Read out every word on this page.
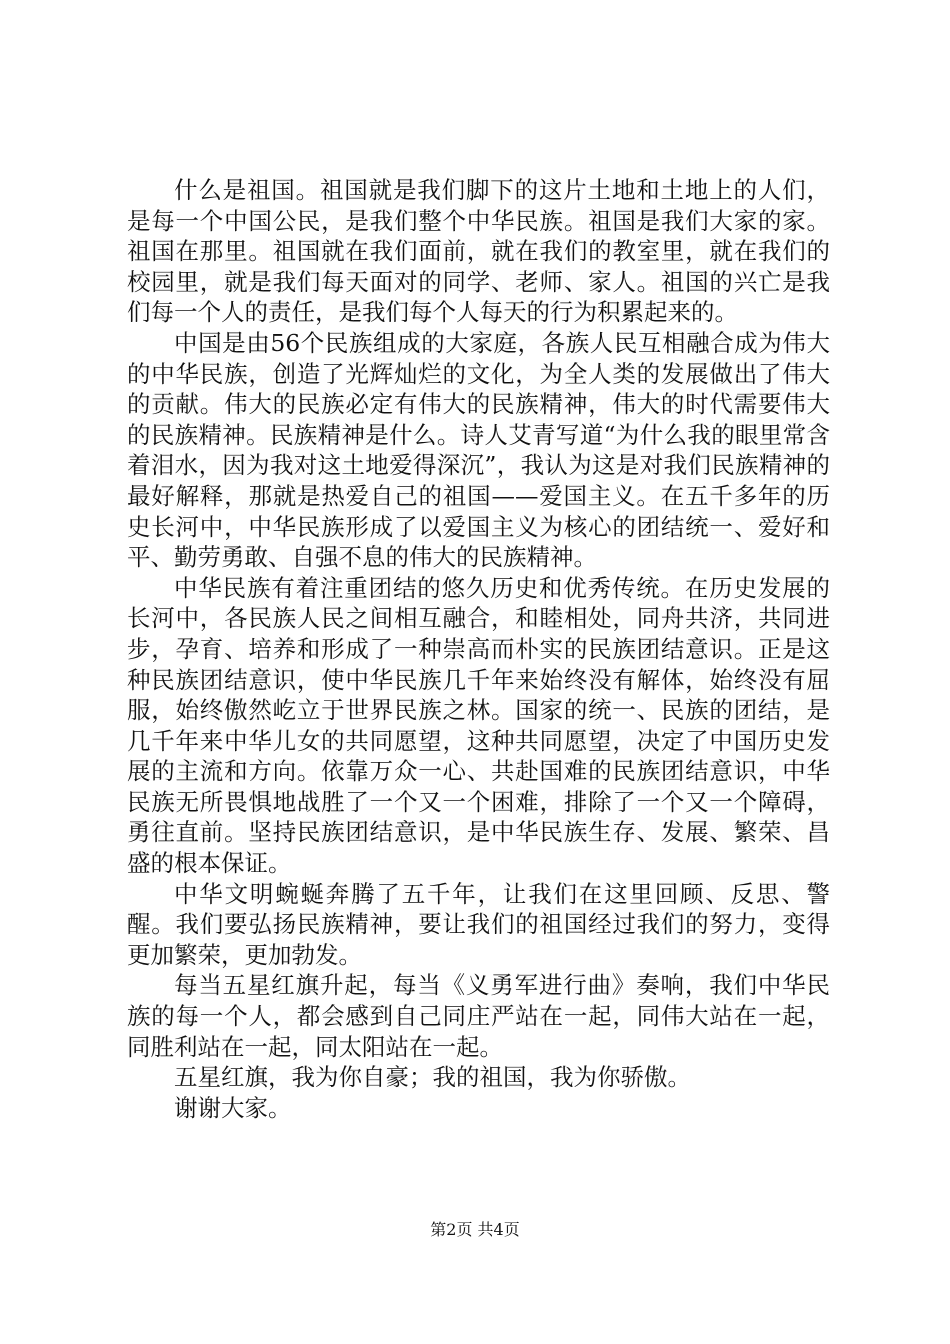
什么是祖国。祖国就是我们脚下的这片土地和土地上的人们，是每一个中国公民，是我们整个中华民族。祖国是我们大家的家。祖国在那里。祖国就在我们面前，就在我们的教室里，就在我们的校园里，就是我们每天面对的同学、老师、家人。祖国的兴亡是我们每一个人的责任，是我们每个人每天的行为积累起来的。

中国是由56个民族组成的大家庭，各族人民互相融合成为伟大的中华民族，创造了光辉灿烂的文化，为全人类的发展做出了伟大的贡献。伟大的民族必定有伟大的民族精神，伟大的时代需要伟大的民族精神。民族精神是什么。诗人艾青写道“为什么我的眼里常含着泪水，因为我对这土地爱得深沉”，我认为这是对我们民族精神的最好解释，那就是热爱自己的祖国——爱国主义。在五千多年的历史长河中，中华民族形成了以爱国主义为核心的团结统一、爱好和平、勤劳勇敢、自强不息的伟大的民族精神。

中华民族有着注重团结的悠久历史和优秀传统。在历史发展的长河中，各民族人民之间相互融合，和睦相处，同舟共济，共同进步，孕育、培养和形成了一种崇高而朴实的民族团结意识。正是这种民族团结意识，使中华民族几千年来始终没有解体，始终没有屈服，始终傲然屹立于世界民族之林。国家的统一、民族的团结，是几千年来中华儿女的共同愿望，这种共同愿望，决定了中国历史发展的主流和方向。依靠万众一心、共赴国难的民族团结意识，中华民族无所畏惧地战胜了一个又一个困难，排除了一个又一个障碍，勇往直前。坚持民族团结意识，是中华民族生存、发展、繁荣、昌盛的根本保证。

中华文明蜿蜒奔腾了五千年，让我们在这里回顾、反思、警醒。我们要弘扬民族精神，要让我们的祖国经过我们的努力，变得更加繁荣，更加勃发。

每当五星红旗升起，每当《义勇军进行曲》奏响，我们中华民族的每一个人，都会感到自己同庄严站在一起，同伟大站在一起，同胜利站在一起，同太阳站在一起。

五星红旗，我为你自豪；我的祖国，我为你骄傲。

谢谢大家。

第2页 共4页
